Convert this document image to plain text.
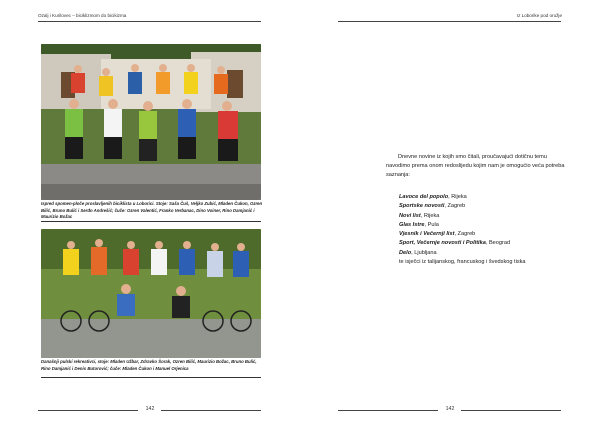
Ozalj i Kurilovec – biciklizmom do bicikizma
Ispred spomen-ploče proslavljenih biciklista u Loborici. Stoje: Saša Čuš, Veljko Zubić, Mladen Čukon, Ozren Bilić, Bruno Bulić i Serđo Andrešić; čuče: Ozren Valentić, Franko Verbanac, Dino Voiner, Rino Damjanić i Maurizio Božac
Današnji pulski rekreativci, stoje: Mladen Užbar, Zdravko Šorak, Ozren Bilić, Maurizio Božac, Bruno Bulić, Rino Damjanić i Denis Butorović; čuče: Mladen Čukon i Manuel Orjenica
142
Iz Loborike pod oružje

Dnevne novine iz kojih smo čitali, proučavajući dotičnu temu navodimo prema onom redoslijedu kojim nam je omogućio veća potreba saznanja:

Lavoce del popolo, Rijeka
Sportske novosti, Zagreb
Novi list, Rijeka
Glas Istre, Pula
Vjesnik i Večernji list, Zagreb
Sport, Večernje novosti i Politika, Beograd
Delo, Ljubljana
te isječci iz talijanskog, francuskog i švedskog tiska
142
